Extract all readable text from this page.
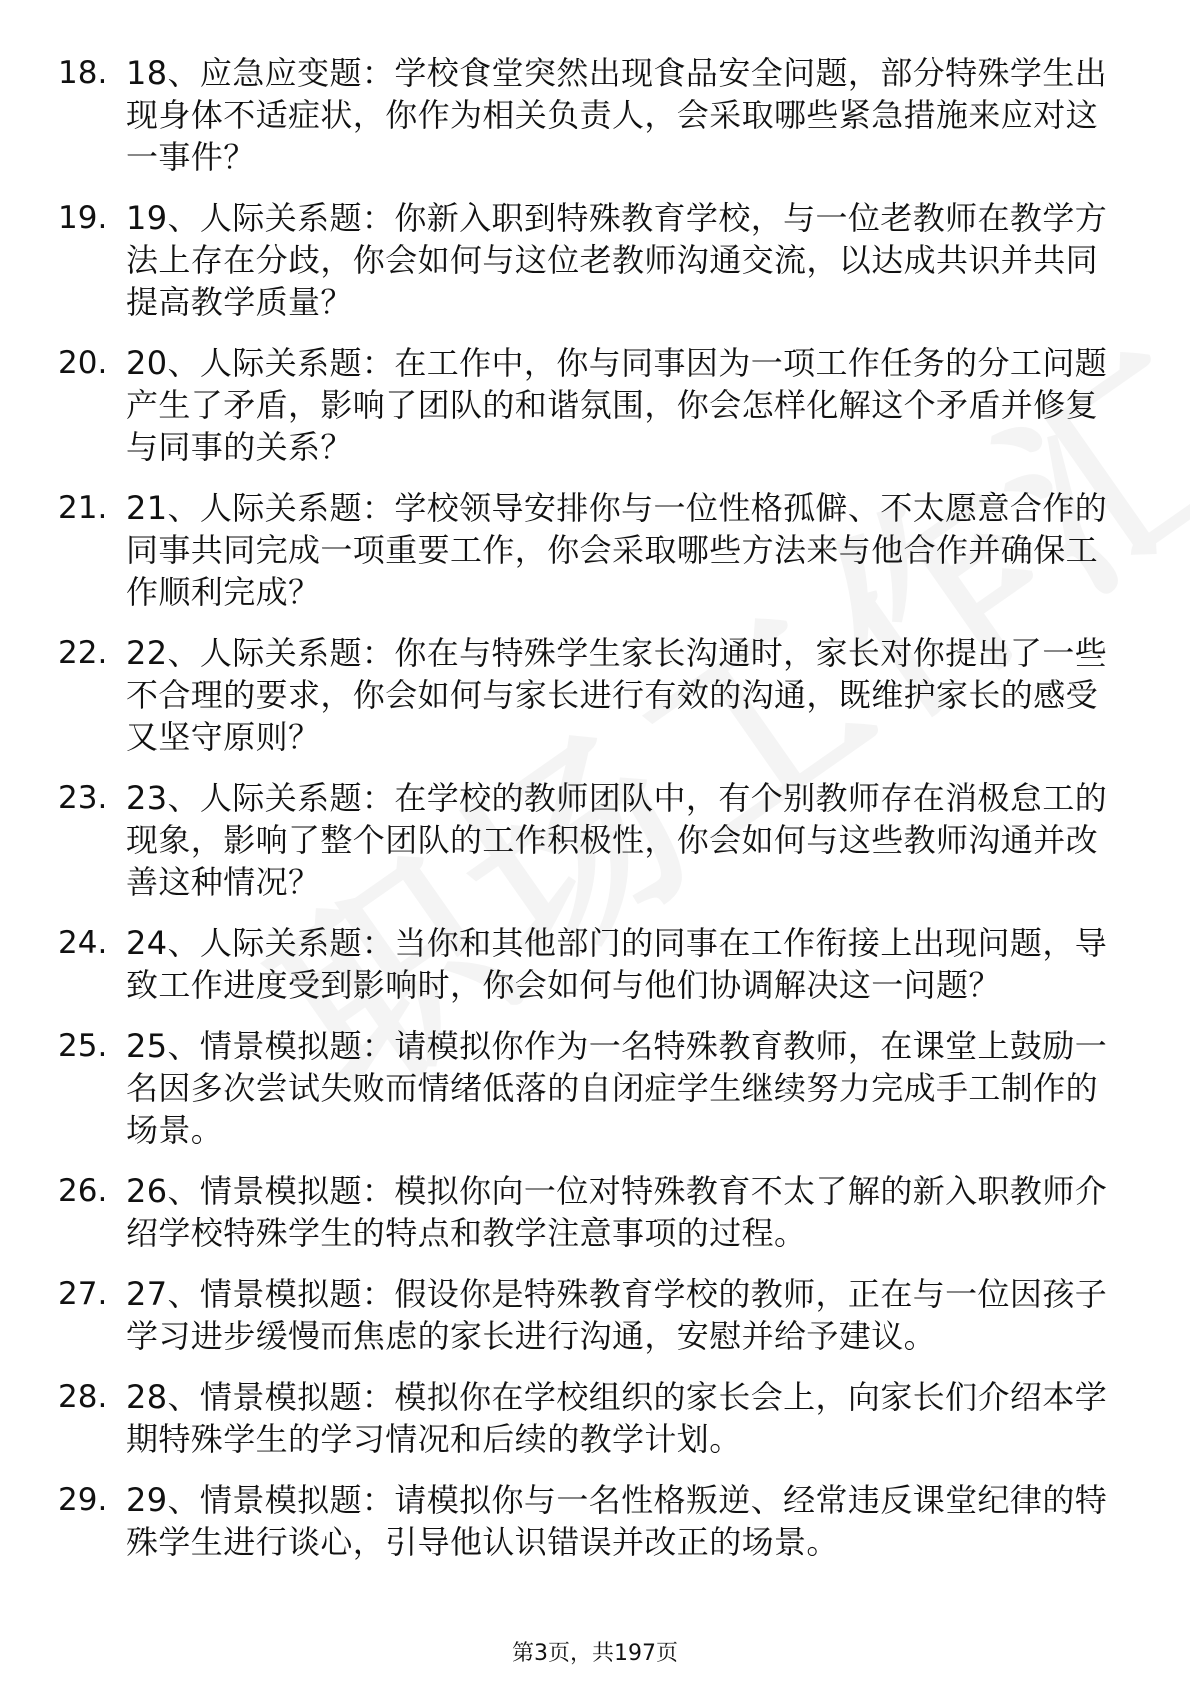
18. 18、应急应变题：学校食堂突然出现食品安全问题，部分特殊学生出现身体不适症状，你作为相关负责人，会采取哪些紧急措施来应对这一事件？
19. 19、人际关系题：你新入职到特殊教育学校，与一位老教师在教学方法上存在分歧，你会如何与这位老教师沟通交流，以达成共识并共同提高教学质量？
20. 20、人际关系题：在工作中，你与同事因为一项工作任务的分工问题产生了矛盾，影响了团队的和谐氛围，你会怎样化解这个矛盾并修复与同事的关系？
21. 21、人际关系题：学校领导安排你与一位性格孤僻、不太愿意合作的同事共同完成一项重要工作，你会采取哪些方法来与他合作并确保工作顺利完成？
22. 22、人际关系题：你在与特殊学生家长沟通时，家长对你提出了一些不合理的要求，你会如何与家长进行有效的沟通，既维护家长的感受又坚守原则？
23. 23、人际关系题：在学校的教师团队中，有个别教师存在消极怠工的现象，影响了整个团队的工作积极性，你会如何与这些教师沟通并改善这种情况？
24. 24、人际关系题：当你和其他部门的同事在工作衔接上出现问题，导致工作进度受到影响时，你会如何与他们协调解决这一问题？
25. 25、情景模拟题：请模拟你作为一名特殊教育教师，在课堂上鼓励一名因多次尝试失败而情绪低落的自闭症学生继续努力完成手工制作的场景。
26. 26、情景模拟题：模拟你向一位对特殊教育不太了解的新入职教师介绍学校特殊学生的特点和教学注意事项的过程。
27. 27、情景模拟题：假设你是特殊教育学校的教师，正在与一位因孩子学习进步缓慢而焦虑的家长进行沟通，安慰并给予建议。
28. 28、情景模拟题：模拟你在学校组织的家长会上，向家长们介绍本学期特殊学生的学习情况和后续的教学计划。
29. 29、情景模拟题：请模拟你与一名性格叛逆、经常违反课堂纪律的特殊学生进行谈心，引导他认识错误并改正的场景。
第3页，共197页
